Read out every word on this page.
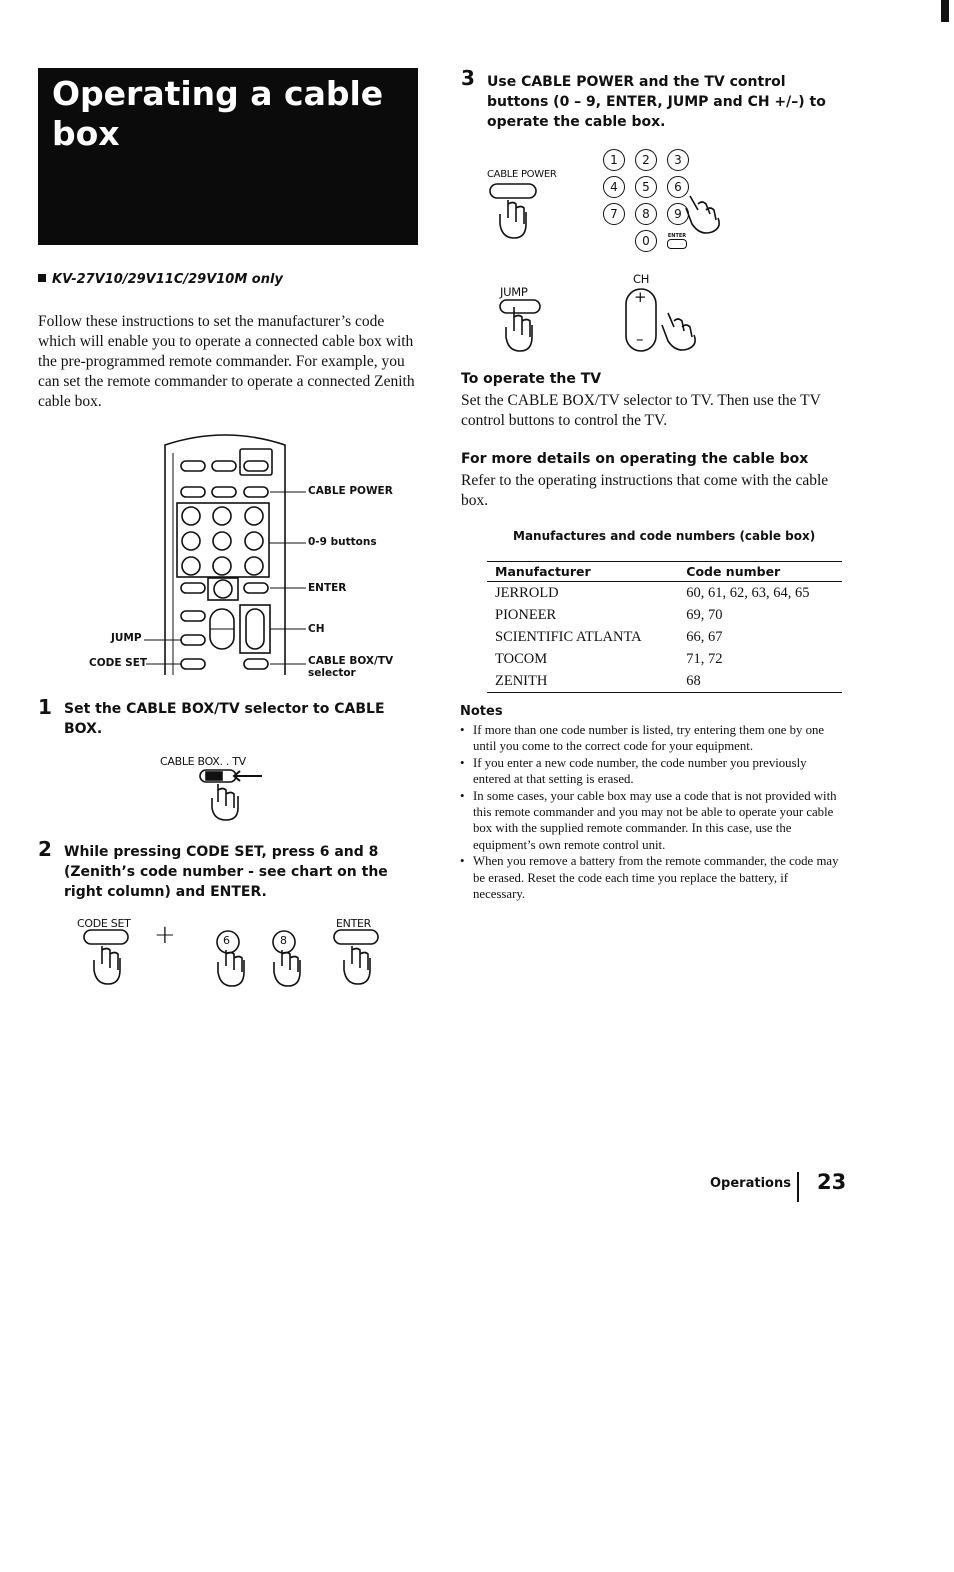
Operating a cable box
KV-27V10/29V11C/29V10M only
Follow these instructions to set the manufacturer’s code which will enable you to operate a connected cable box with the pre-programmed remote commander. For example, you can set the remote commander to operate a connected Zenith cable box.
CABLE POWER
0-9 buttons
ENTER
CH
JUMP
CODE SET	CABLE BOX/TV
selector
1 Set the CABLE BOX/TV selector to CABLE BOX.
CABLE BOX. . TV
2 While pressing CODE SET, press 6 and 8 (Zenith’s code number - see chart on the right column) and ENTER.
CODE SET +	ENTER
6	8
3 Use CABLE POWER and the TV control buttons (0 – 9, ENTER, JUMP and CH +/–) to operate the cable box.
CABLE POWER
1	2	3
4	5	6
7	8	9
0	ENTER
JUMP
CH
+
–
To operate the TV
Set the CABLE BOX/TV selector to TV. Then use the TV control buttons to control the TV.
For more details on operating the cable box
Refer to the operating instructions that come with the cable box.
Manufactures and code numbers (cable box)
Manufacturer	Code number
JERROLD	60, 61, 62, 63, 64, 65
PIONEER	69, 70
SCIENTIFIC ATLANTA	66, 67
TOCOM	71, 72
ZENITH	68
Notes
• If more than one code number is listed, try entering them one by one until you come to the correct code for your equipment.
• If you enter a new code number, the code number you previously entered at that setting is erased.
• In some cases, your cable box may use a code that is not provided with this remote commander and you may not be able to operate your cable box with the supplied remote commander. In this case, use the equipment’s own remote control unit.
• When you remove a battery from the remote commander, the code may be erased. Reset the code each time you replace the battery, if necessary.
Operations 23
